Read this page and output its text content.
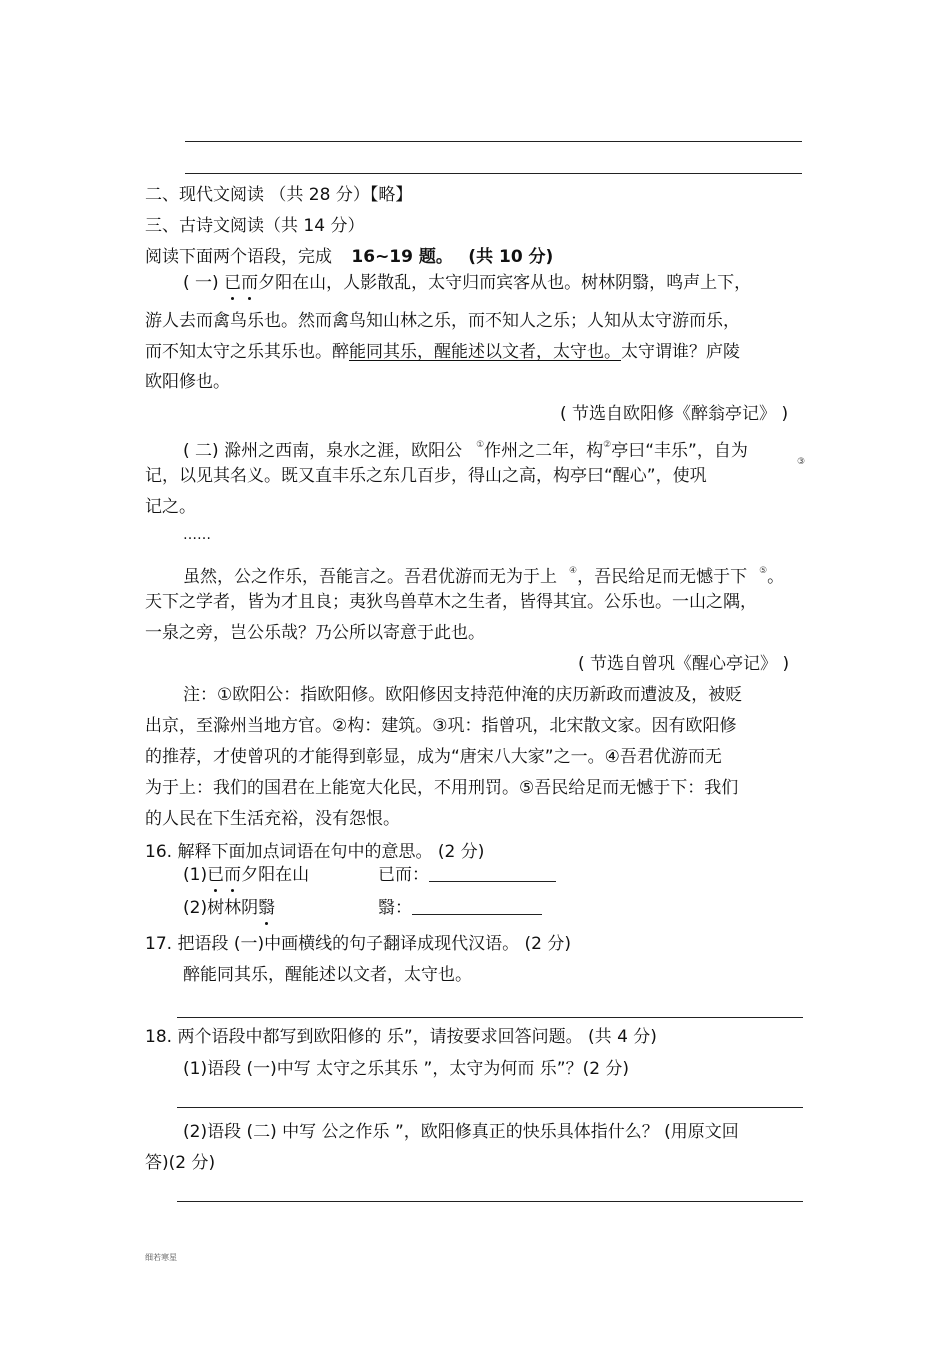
二、现代文阅读 （共 28 分）【略】
三、古诗文阅读（共 14 分）
阅读下面两个语段，完成 16~19 题。 (共 10 分)
( 一) 已而夕阳在山，人影散乱，太守归而宾客从也。树林阴翳，鸣声上下，
游人去而禽鸟乐也。然而禽鸟知山林之乐，而不知人之乐；人知从太守游而乐，
而不知太守之乐其乐也。醉能同其乐，醒能述以文者，太守也。太守谓谁？庐陵
欧阳修也。
( 节选自欧阳修《醉翁亭记》 )
( 二) 滁州之西南，泉水之涯，欧阳公 ①作州之二年，构②亭曰“丰乐”，自为
记，以见其名义。既又直丰乐之东几百步，得山之高，构亭曰“醒心”，使巩
③
记之。
……
虽然，公之作乐，吾能言之。吾君优游而无为于上 ④，吾民给足而无憾于下 ⑤。
天下之学者，皆为才且良；夷狄鸟兽草木之生者，皆得其宜。公乐也。一山之隅，
一泉之旁，岂公乐哉？乃公所以寄意于此也。
( 节选自曾巩《醒心亭记》 )
注：①欧阳公：指欧阳修。欧阳修因支持范仲淹的庆历新政而遭波及，被贬
出京，至滁州当地方官。②构：建筑。③巩：指曾巩，北宋散文家。因有欧阳修
的推荐，才使曾巩的才能得到彰显，成为“唐宋八大家”之一。④吾君优游而无
为于上：我们的国君在上能宽大化民，不用刑罚。⑤吾民给足而无憾于下：我们
的人民在下生活充裕，没有怨恨。
16. 解释下面加点词语在句中的意思。 (2 分)
(1)已而夕阳在山	已而：
(2)树林阴翳	翳：
17. 把语段 (一)中画横线的句子翻译成现代汉语。 (2 分)
醉能同其乐，醒能述以文者，太守也。
18. 两个语段中都写到欧阳修的 乐”，请按要求回答问题。 (共 4 分)
(1)语段 (一)中写 太守之乐其乐 ”，太守为何而 乐”？(2 分)
(2)语段 (二) 中写 公之作乐 ”，欧阳修真正的快乐具体指什么？ (用原文回
答)(2 分)
细若寒星
